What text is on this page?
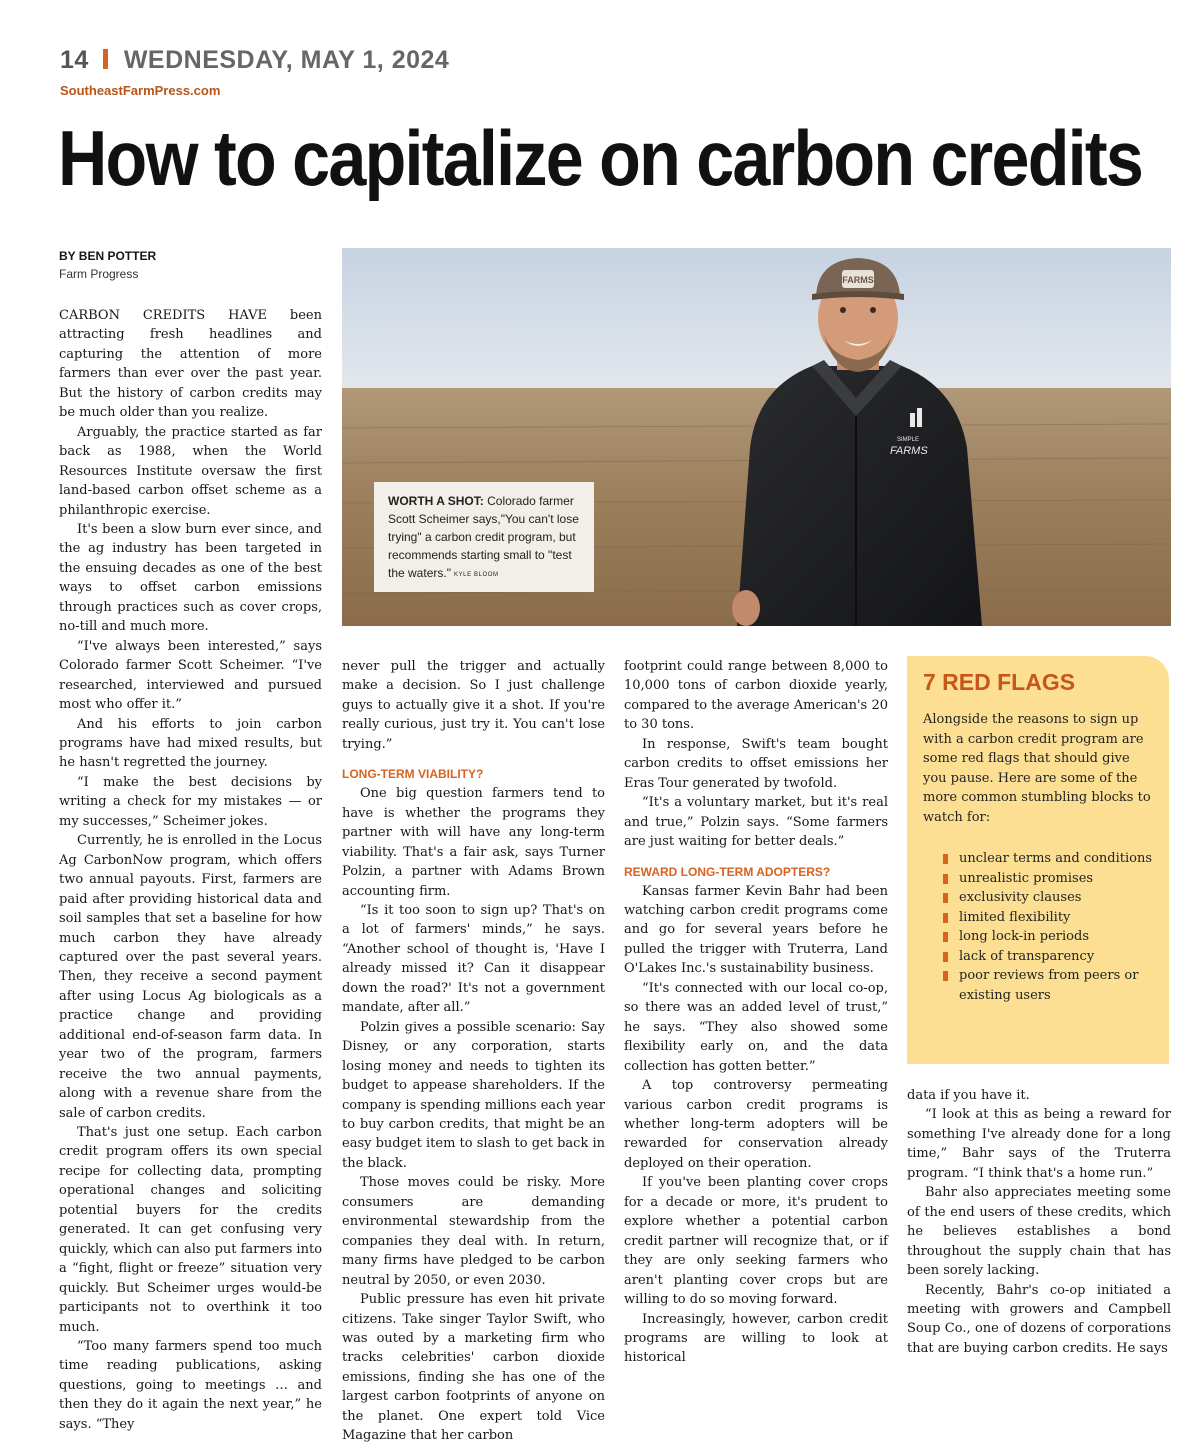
14 WEDNESDAY, MAY 1, 2024
SoutheastFarmPress.com
How to capitalize on carbon credits
BY BEN POTTER
Farm Progress	FARMS
SIMPLE
FARMS
WORTH A SHOT: Colorado farmer Scott Scheimer says,"You can't lose trying" a carbon credit program, but recommends starting small to "test the waters." KYLE BLOOM

CARBON CREDITS HAVE been attracting fresh headlines and capturing the attention of more farmers than ever over the past year. But the history of carbon credits may be much older than you realize.

Arguably, the practice started as far back as 1988, when the World Resources Institute oversaw the first land-based carbon offset scheme as a philanthropic exercise.

It's been a slow burn ever since, and the ag industry has been targeted in the ensuing decades as one of the best ways to offset carbon emissions through practices such as cover crops, no-till and much more.

“I've always been interested,” says Colorado farmer Scott Scheimer. “I've researched, interviewed and pursued most who offer it.”

And his efforts to join carbon programs have had mixed results, but he hasn't regretted the journey.

“I make the best decisions by writing a check for my mistakes — or my successes,” Scheimer jokes.

Currently, he is enrolled in the Locus Ag CarbonNow program, which offers two annual payouts. First, farmers are paid after providing historical data and soil samples that set a baseline for how much carbon they have already captured over the past several years. Then, they receive a second payment after using Locus Ag biologicals as a practice change and providing additional end-of-season farm data. In year two of the program, farmers receive the two annual payments, along with a revenue share from the sale of carbon credits.

That's just one setup. Each carbon credit program offers its own special recipe for collecting data, prompting operational changes and soliciting potential buyers for the credits generated. It can get confusing very quickly, which can also put farmers into a “fight, flight or freeze” situation very quickly. But Scheimer urges would-be participants not to overthink it too much.

“Too many farmers spend too much time reading publications, asking questions, going to meetings … and then they do it again the next year,” he says. “They

never pull the trigger and actually make a decision. So I just challenge guys to actually give it a shot. If you're really curious, just try it. You can't lose trying.”

LONG-TERM VIABILITY?

One big question farmers tend to have is whether the programs they partner with will have any long-term viability. That's a fair ask, says Turner Polzin, a partner with Adams Brown accounting firm.

“Is it too soon to sign up? That's on a lot of farmers' minds,” he says. “Another school of thought is, 'Have I already missed it? Can it disappear down the road?' It's not a government mandate, after all.”

Polzin gives a possible scenario: Say Disney, or any corporation, starts losing money and needs to tighten its budget to appease shareholders. If the company is spending millions each year to buy carbon credits, that might be an easy budget item to slash to get back in the black.

Those moves could be risky. More consumers are demanding environmental stewardship from the companies they deal with. In return, many firms have pledged to be carbon neutral by 2050, or even 2030.

Public pressure has even hit private citizens. Take singer Taylor Swift, who was outed by a marketing firm who tracks celebrities' carbon dioxide emissions, finding she has one of the largest carbon footprints of anyone on the planet. One expert told Vice Magazine that her carbon

footprint could range between 8,000 to 10,000 tons of carbon dioxide yearly, compared to the average American's 20 to 30 tons.

In response, Swift's team bought carbon credits to offset emissions her Eras Tour generated by twofold.

“It's a voluntary market, but it's real and true,” Polzin says. “Some farmers are just waiting for better deals.”

REWARD LONG-TERM ADOPTERS?

Kansas farmer Kevin Bahr had been watching carbon credit programs come and go for several years before he pulled the trigger with Truterra, Land O'Lakes Inc.'s sustainability business.

“It's connected with our local co-op, so there was an added level of trust,” he says. “They also showed some flexibility early on, and the data collection has gotten better.”

A top controversy permeating various carbon credit programs is whether long-term adopters will be rewarded for conservation already deployed on their operation.

If you've been planting cover crops for a decade or more, it's prudent to explore whether a potential carbon credit partner will recognize that, or if they are only seeking farmers who aren't planting cover crops but are willing to do so moving forward.

Increasingly, however, carbon credit programs are willing to look at historical

7 RED FLAGS

Alongside the reasons to sign up with a carbon credit program are some red flags that should give you pause. Here are some of the more common stumbling blocks to watch for:

unclear terms and conditions
unrealistic promises
exclusivity clauses
limited flexibility
long lock-in periods
lack of transparency
poor reviews from peers or existing users

data if you have it.

“I look at this as being a reward for something I've already done for a long time,” Bahr says of the Truterra program. “I think that's a home run.”

Bahr also appreciates meeting some of the end users of these credits, which he believes establishes a bond throughout the supply chain that has been sorely lacking.

Recently, Bahr's co-op initiated a meeting with growers and Campbell Soup Co., one of dozens of corporations that are buying carbon credits. He says
